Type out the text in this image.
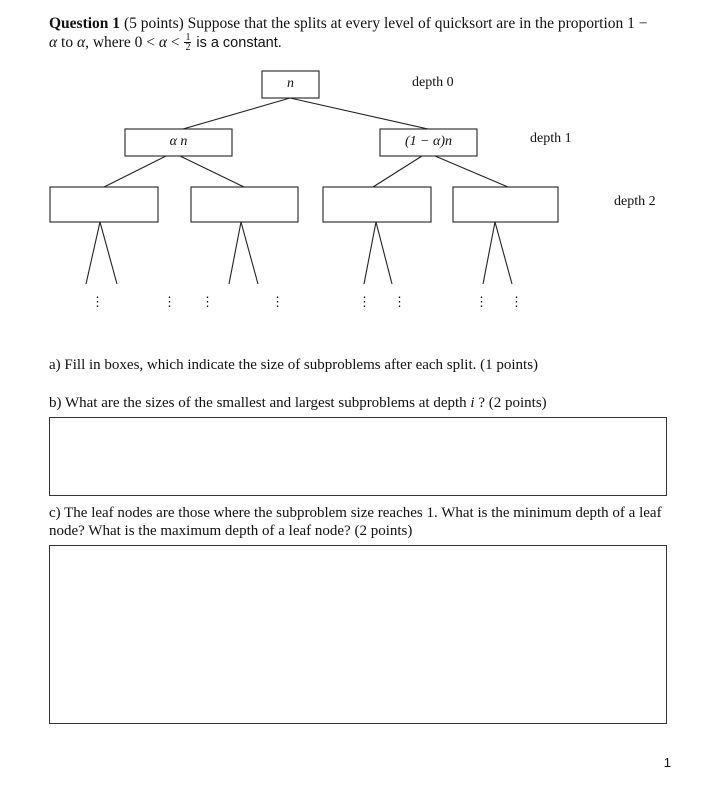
Question 1 (5 points) Suppose that the splits at every level of quicksort are in the proportion 1 −
α to α, where $0 < \alpha < \frac{1}{2}$ is a constant.
n
α n	(1 − α)n
depth 0
depth 1
depth 2
⋮	⋮ ⋮	⋮	⋮ ⋮	⋮ ⋮
a) Fill in boxes, which indicate the size of subproblems after each split. (1 points)
b) What are the sizes of the smallest and largest subproblems at depth i ? (2 points)
c) The leaf nodes are those where the subproblem size reaches 1. What is the minimum depth of a leaf node? What is the maximum depth of a leaf node? (2 points)
1
